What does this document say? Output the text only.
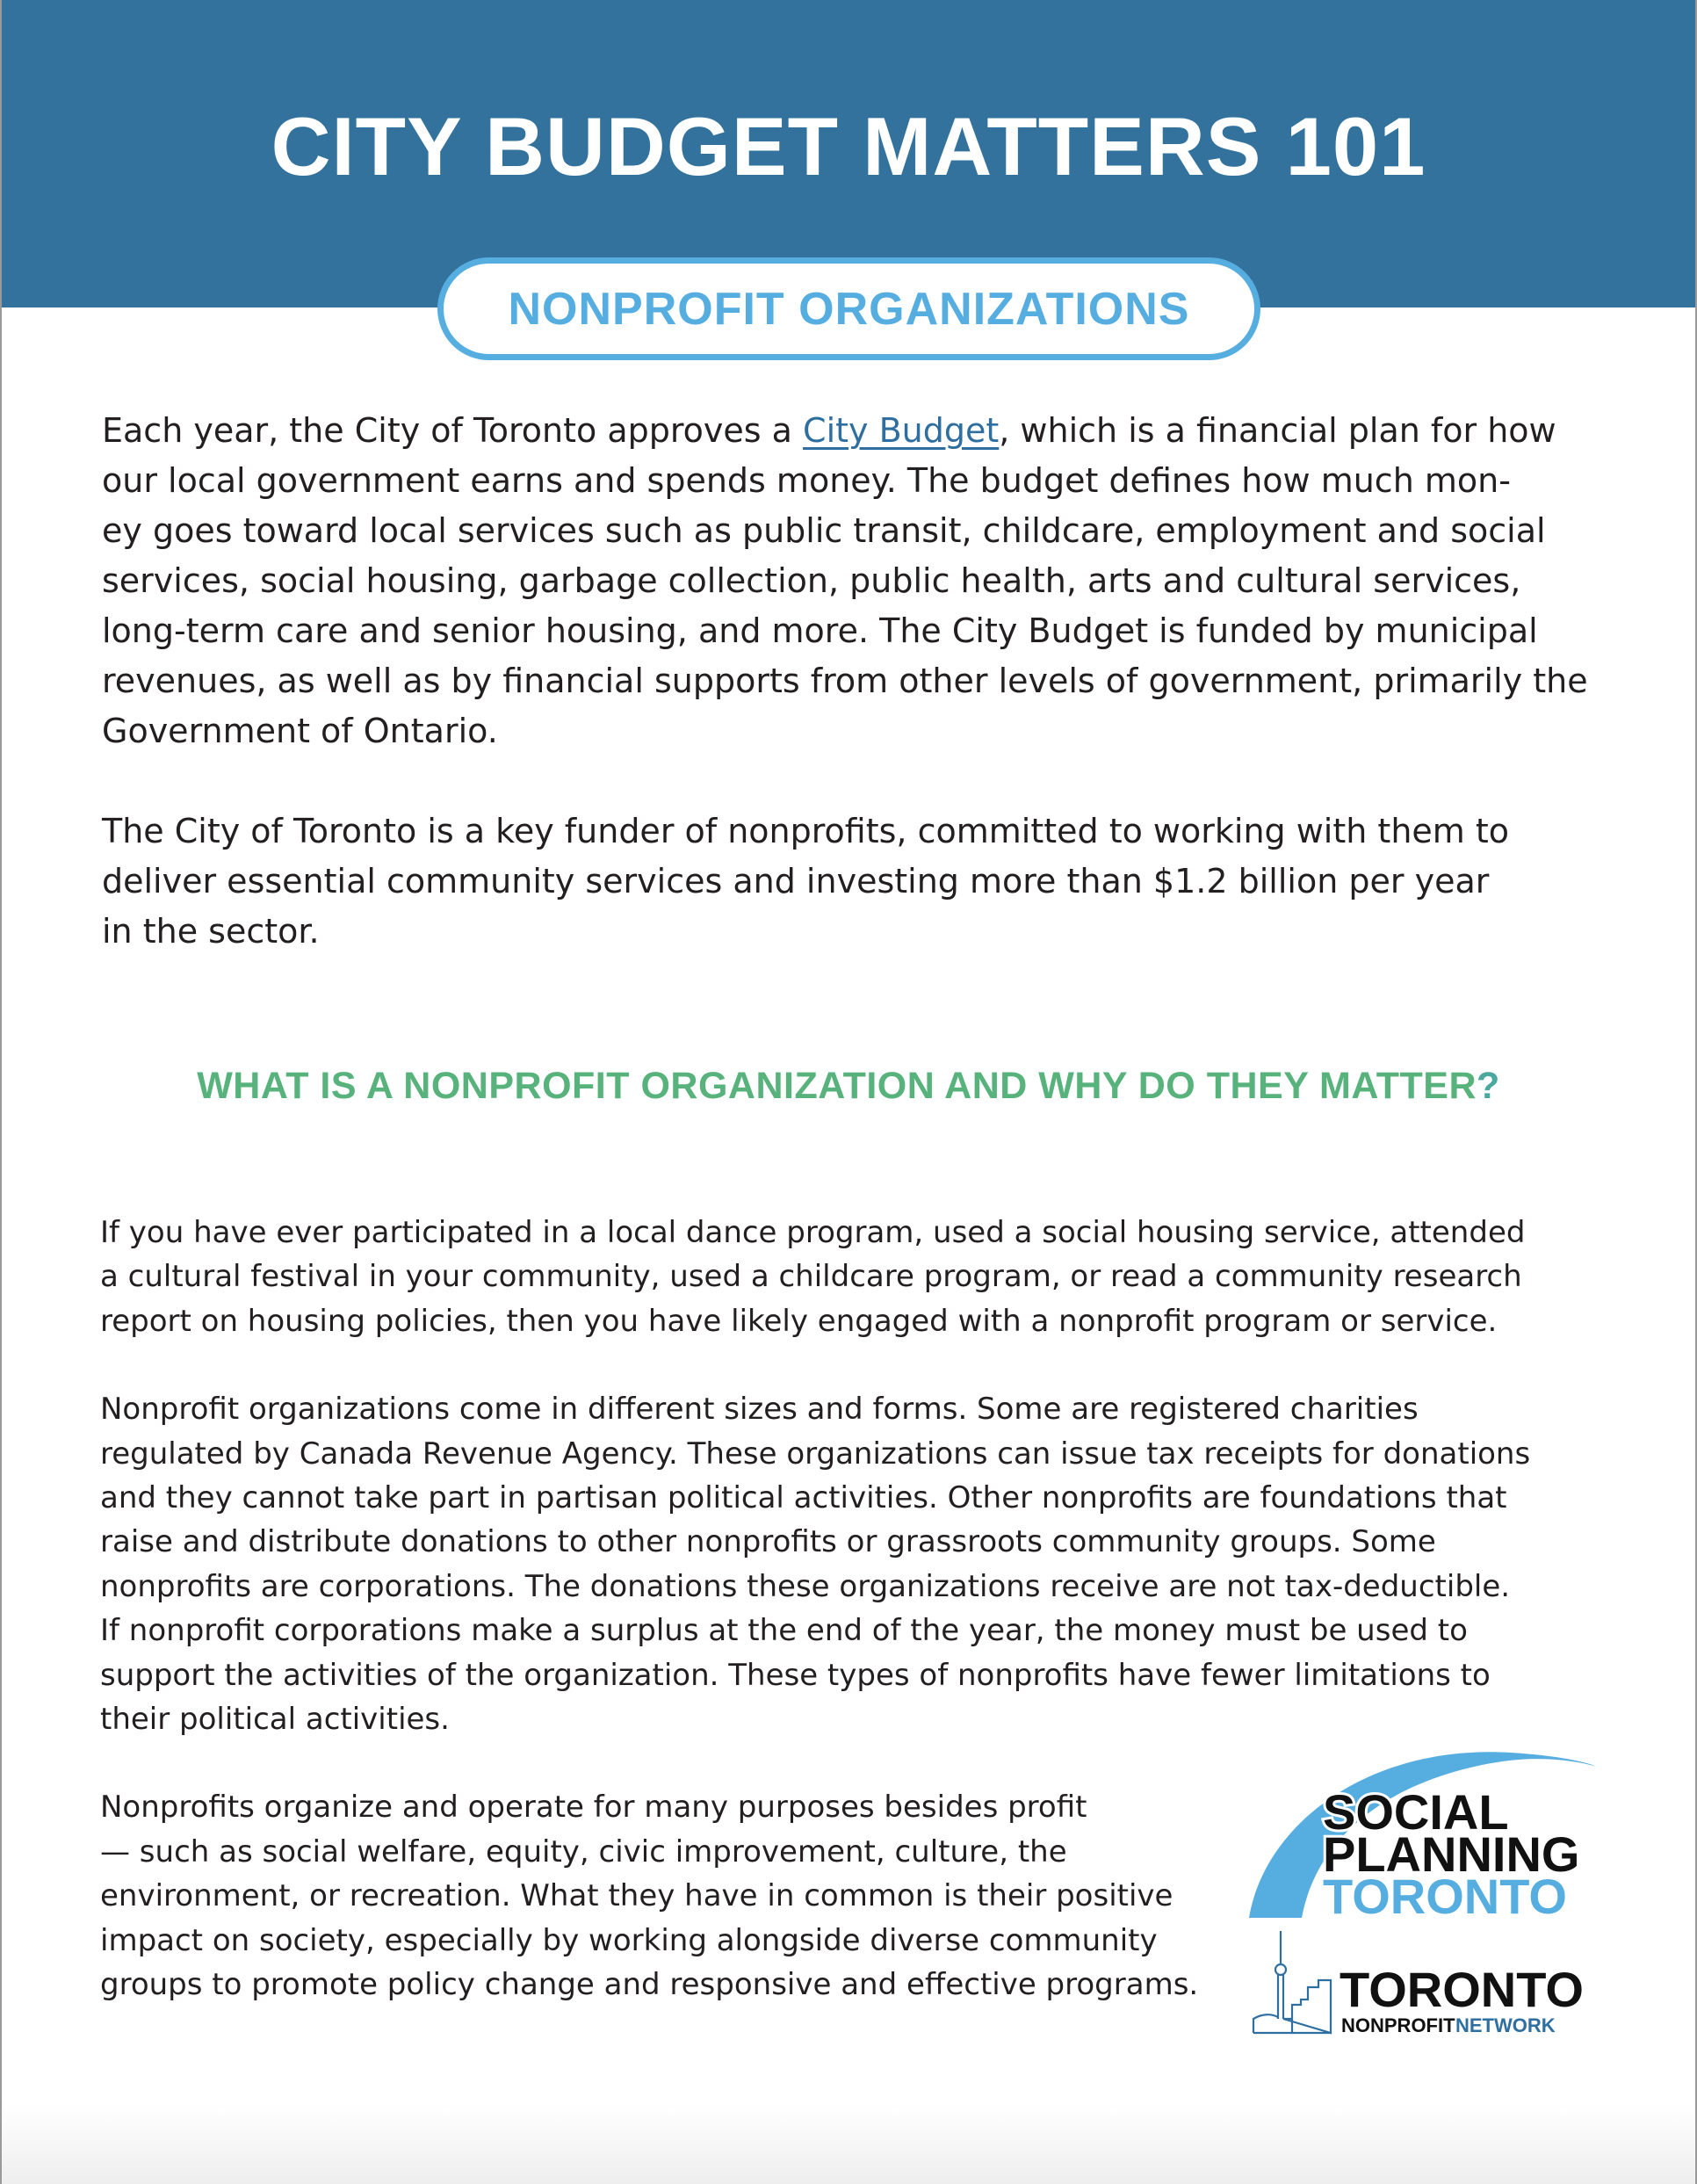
CITY BUDGET MATTERS 101
NONPROFIT ORGANIZATIONS

Each year, the City of Toronto approves a City Budget, which is a financial plan for how
our local government earns and spends money. The budget defines how much mon-
ey goes toward local services such as public transit, childcare, employment and social
services, social housing, garbage collection, public health, arts and cultural services,
long-term care and senior housing, and more. The City Budget is funded by municipal
revenues, as well as by financial supports from other levels of government, primarily the
Government of Ontario.

The City of Toronto is a key funder of nonprofits, committed to working with them to
deliver essential community services and investing more than $1.2 billion per year
in the sector.

WHAT IS A NONPROFIT ORGANIZATION AND WHY DO THEY MATTER?

If you have ever participated in a local dance program, used a social housing service, attended
a cultural festival in your community, used a childcare program, or read a community research
report on housing policies, then you have likely engaged with a nonprofit program or service.

Nonprofit organizations come in different sizes and forms. Some are registered charities
regulated by Canada Revenue Agency. These organizations can issue tax receipts for donations
and they cannot take part in partisan political activities. Other nonprofits are foundations that
raise and distribute donations to other nonprofits or grassroots community groups. Some
nonprofits are corporations. The donations these organizations receive are not tax-deductible.
If nonprofit corporations make a surplus at the end of the year, the money must be used to
support the activities of the organization. These types of nonprofits have fewer limitations to
their political activities.

Nonprofits organize and operate for many purposes besides profit
— such as social welfare, equity, civic improvement, culture, the
environment, or recreation. What they have in common is their positive
impact on society, especially by working alongside diverse community
groups to promote policy change and responsive and effective programs.

SOCIAL
PLANNING
TORONTO
TORONTO
NONPROFIT NETWORK
